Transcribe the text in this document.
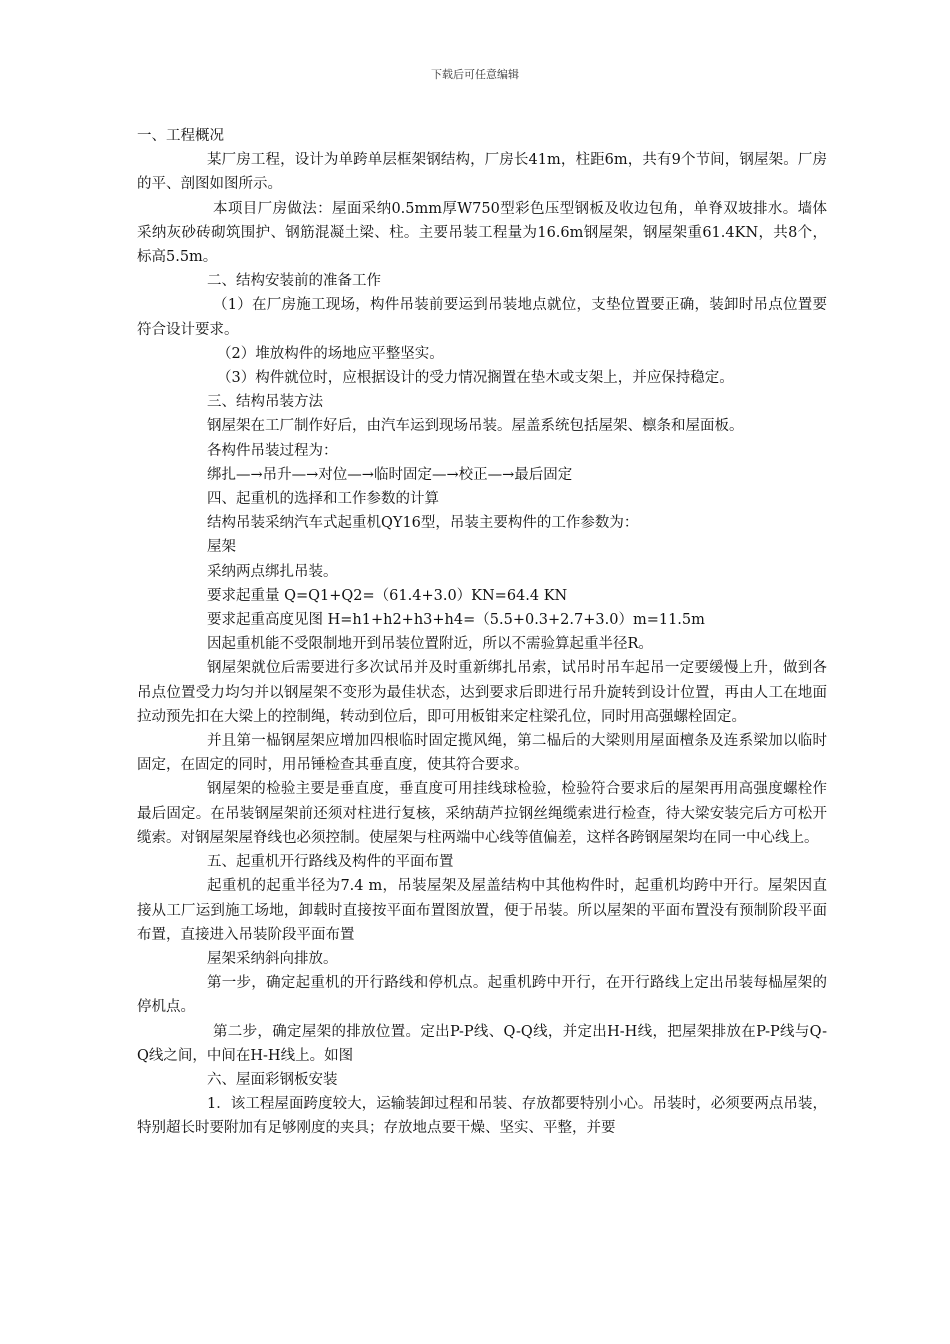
下载后可任意编辑

一、工程概况

某厂房工程，设计为单跨单层框架钢结构，厂房长41m，柱距6m，共有9个节间，钢屋架。厂房的平、剖图如图所示。

本项目厂房做法：屋面采纳0.5mm厚W750型彩色压型钢板及收边包角，单脊双坡排水。墙体采纳灰砂砖砌筑围护、钢筋混凝土梁、柱。主要吊装工程量为16.6m钢屋架，钢屋架重61.4KN，共8个，标高5.5m。

二、结构安装前的准备工作

（1）在厂房施工现场，构件吊装前要运到吊装地点就位，支垫位置要正确，装卸时吊点位置要符合设计要求。

（2）堆放构件的场地应平整坚实。

（3）构件就位时，应根据设计的受力情况搁置在垫木或支架上，并应保持稳定。

三、结构吊装方法

钢屋架在工厂制作好后，由汽车运到现场吊装。屋盖系统包括屋架、檩条和屋面板。

各构件吊装过程为：

绑扎—→吊升—→对位—→临时固定—→校正—→最后固定

四、起重机的选择和工作参数的计算

结构吊装采纳汽车式起重机QY16型，吊装主要构件的工作参数为：

屋架

采纳两点绑扎吊装。

要求起重量 Q=Q1+Q2=（61.4+3.0）KN=64.4 KN

要求起重高度见图 H=h1+h2+h3+h4=（5.5+0.3+2.7+3.0）m=11.5m

因起重机能不受限制地开到吊装位置附近，所以不需验算起重半径R。

钢屋架就位后需要进行多次试吊并及时重新绑扎吊索，试吊时吊车起吊一定要缓慢上升，做到各吊点位置受力均匀并以钢屋架不变形为最佳状态，达到要求后即进行吊升旋转到设计位置，再由人工在地面拉动预先扣在大梁上的控制绳，转动到位后，即可用板钳来定柱梁孔位，同时用高强螺栓固定。

并且第一榀钢屋架应增加四根临时固定揽风绳，第二榀后的大梁则用屋面檀条及连系梁加以临时固定，在固定的同时，用吊锤检查其垂直度，使其符合要求。

钢屋架的检验主要是垂直度，垂直度可用挂线球检验，检验符合要求后的屋架再用高强度螺栓作最后固定。在吊装钢屋架前还须对柱进行复核，采纳葫芦拉钢丝绳缆索进行检查，待大梁安装完后方可松开缆索。对钢屋架屋脊线也必须控制。使屋架与柱两端中心线等值偏差，这样各跨钢屋架均在同一中心线上。

五、起重机开行路线及构件的平面布置

起重机的起重半径为7.4 m，吊装屋架及屋盖结构中其他构件时，起重机均跨中开行。屋架因直接从工厂运到施工场地，卸载时直接按平面布置图放置，便于吊装。所以屋架的平面布置没有预制阶段平面布置，直接进入吊装阶段平面布置

屋架采纳斜向排放。

第一步，确定起重机的开行路线和停机点。起重机跨中开行，在开行路线上定出吊装每榀屋架的停机点。

第二步，确定屋架的排放位置。定出P-P线、Q-Q线，并定出H-H线，把屋架排放在P-P线与Q-Q线之间，中间在H-H线上。如图

六、屋面彩钢板安装

1．该工程屋面跨度较大，运输装卸过程和吊装、存放都要特别小心。吊装时，必须要两点吊装，特别超长时要附加有足够刚度的夹具；存放地点要干燥、坚实、平整，并要
